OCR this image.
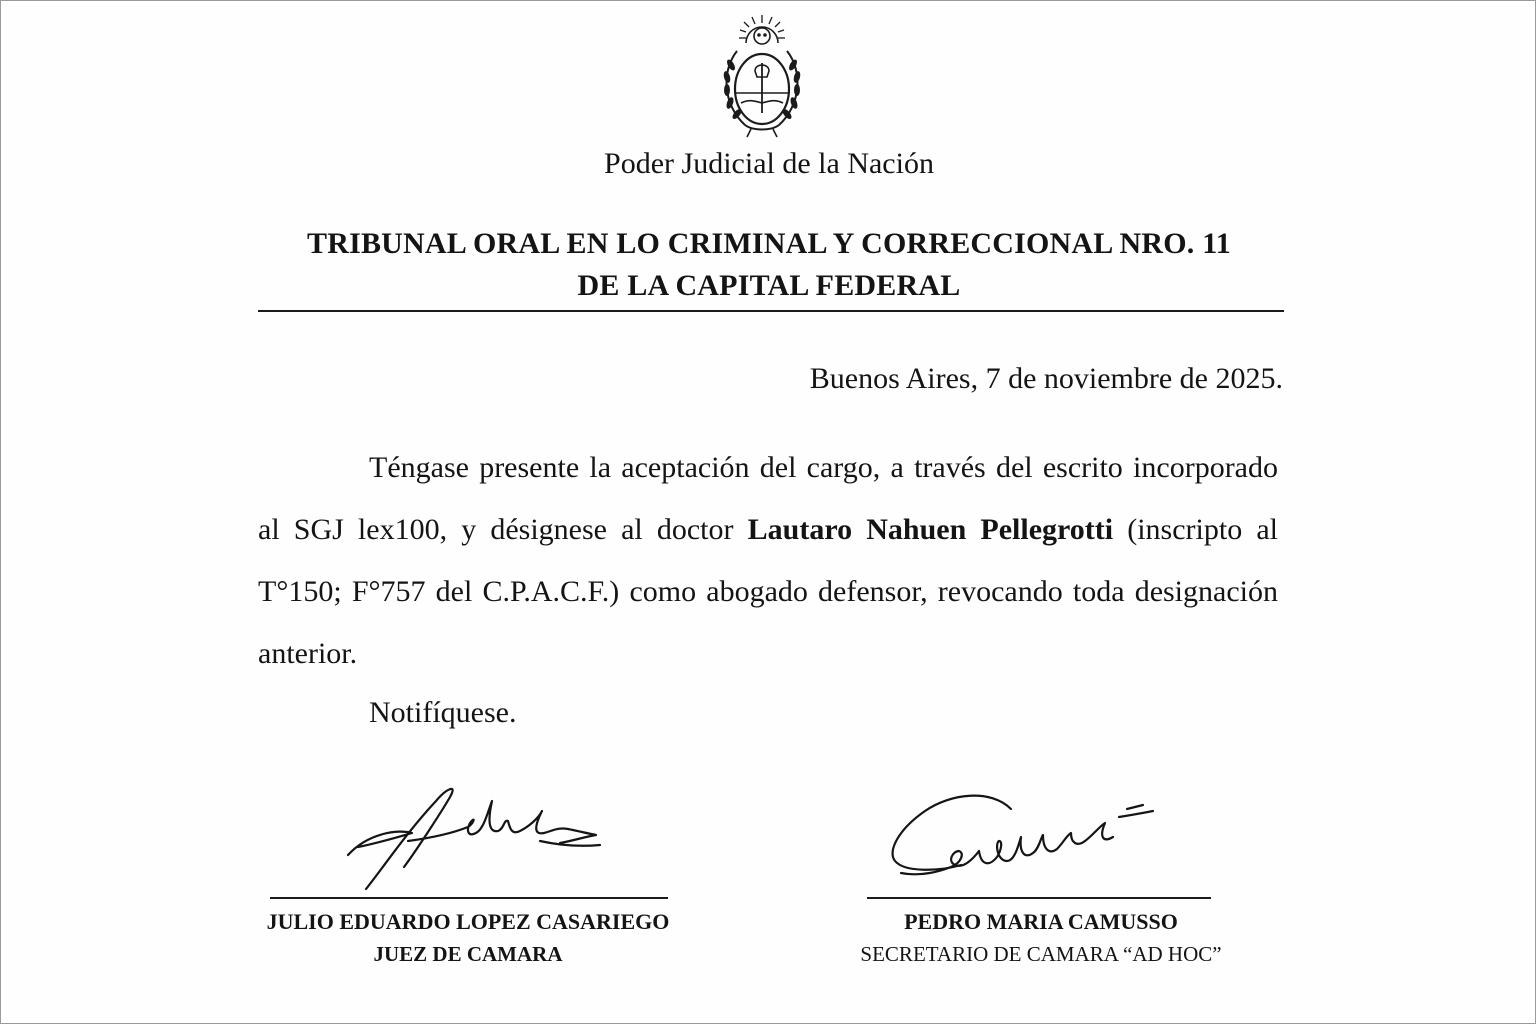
Poder Judicial de la Nación
TRIBUNAL ORAL EN LO CRIMINAL Y CORRECCIONAL NRO. 11
DE LA CAPITAL FEDERAL
Buenos Aires, 7 de noviembre de 2025.
Téngase presente la aceptación del cargo, a través del escrito incorporado al SGJ lex100, y désignese al doctor Lautaro Nahuen Pellegrotti (inscripto al T°150; F°757 del C.P.A.C.F.) como abogado defensor, revocando toda designación anterior.
Notifíquese.
JULIO EDUARDO LOPEZ CASARIEGO
JUEZ DE CAMARA
PEDRO MARIA CAMUSSO
SECRETARIO DE CAMARA “AD HOC”
